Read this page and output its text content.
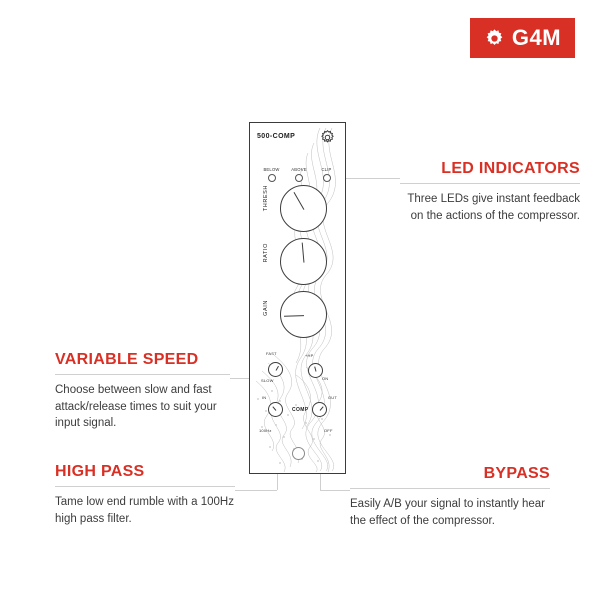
G4M
500-COMP
BELOW	ABOVE	CLIP
THRESH
RATIO
GAIN
FAST
SLOW
+HP
ON
IN
COMP
OUT
100Hz	OFF
LED INDICATORS

Three LEDs give instant feedback on the actions of the compressor.

VARIABLE SPEED

Choose between slow and fast attack/release times to suit your input signal.

HIGH PASS

Tame low end rumble with a 100Hz high pass filter.

BYPASS

Easily A/B your signal to instantly hear the effect of the compressor.
